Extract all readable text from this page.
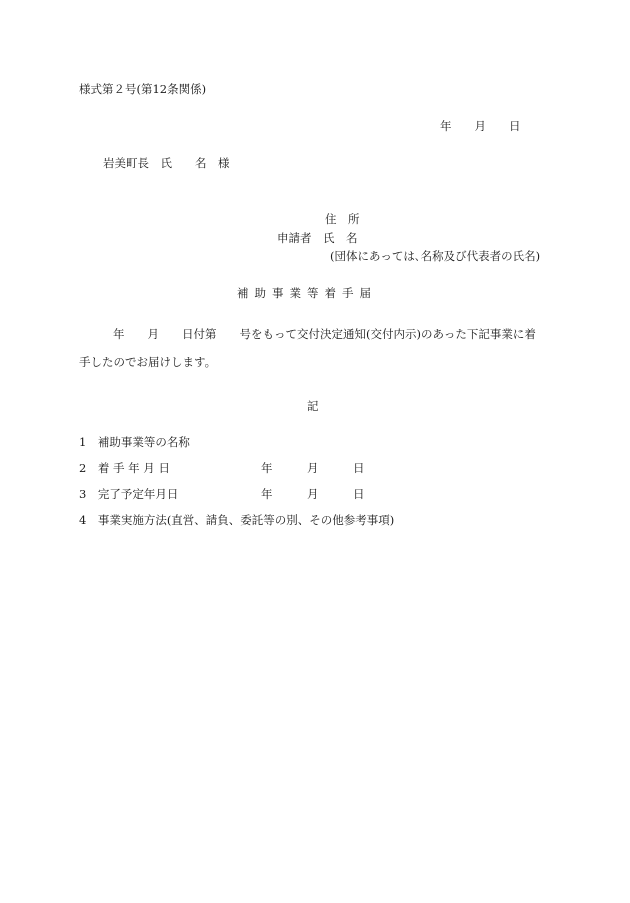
様式第２号(第12条関係)
年　　月　　日
岩美町長　氏　　名　様
住　所
申請者　氏　名
(団体にあっては､名称及び代表者の氏名)
補助事業等着手届
年　　月　　日付第　　号をもって交付決定通知(交付内示)のあった下記事業に着
手したのでお届けします。
記
1　補助事業等の名称
2　着 手 年 月 日	年　　　月　　　日
3　完了予定年月日	年　　　月　　　日
4　事業実施方法(直営、請負、委託等の別、その他参考事項)
